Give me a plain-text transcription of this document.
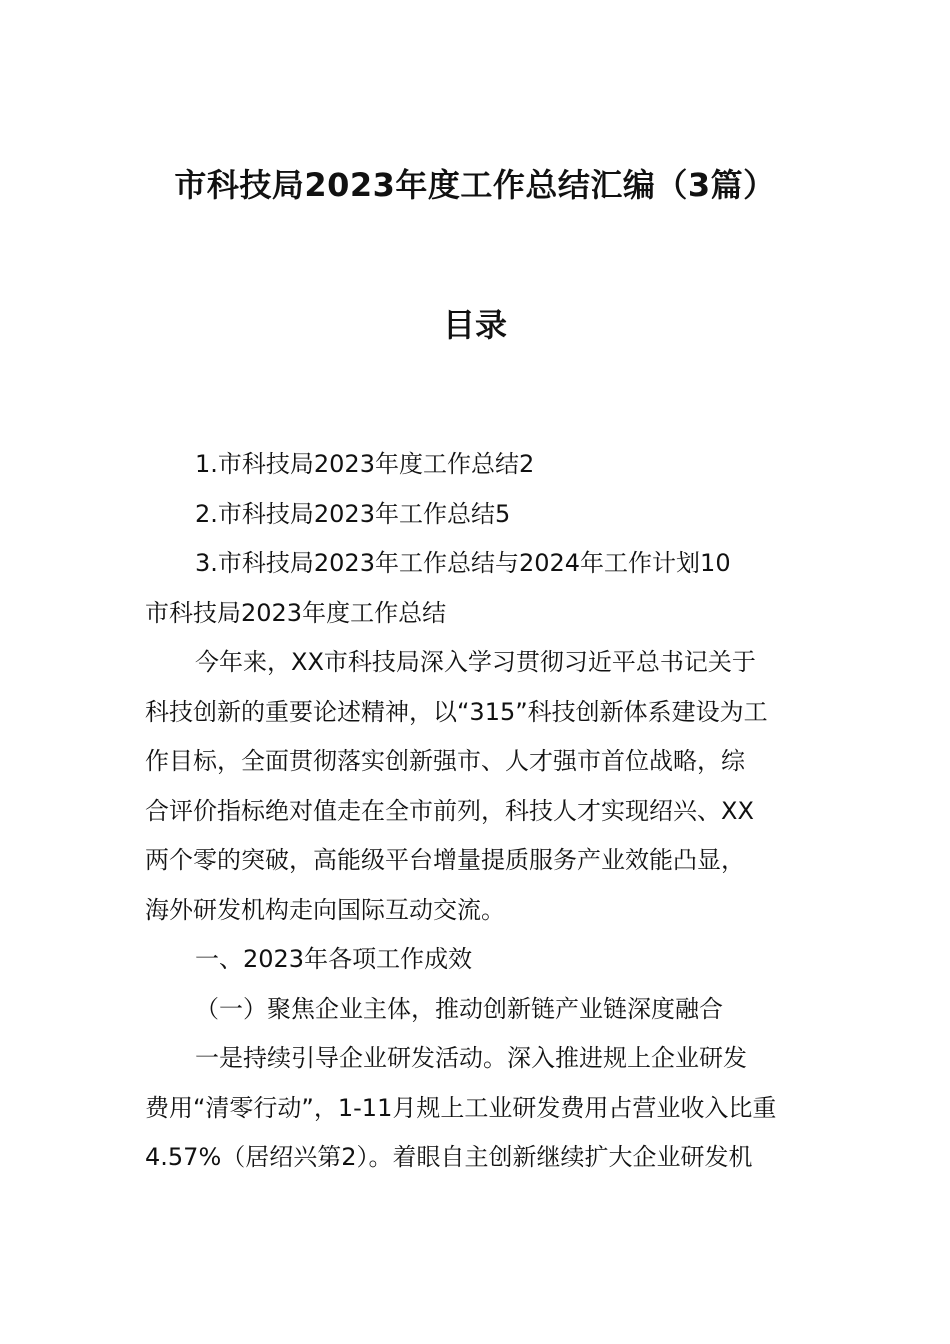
市科技局2023年度工作总结汇编（3篇）
目录
1.市科技局2023年度工作总结2
2.市科技局2023年工作总结5
3.市科技局2023年工作总结与2024年工作计划10
市科技局2023年度工作总结
今年来，XX市科技局深入学习贯彻习近平总书记关于
科技创新的重要论述精神，以“315”科技创新体系建设为工
作目标，全面贯彻落实创新强市、人才强市首位战略，综
合评价指标绝对值走在全市前列，科技人才实现绍兴、XX
两个零的突破，高能级平台增量提质服务产业效能凸显，
海外研发机构走向国际互动交流。
一、2023年各项工作成效
（一）聚焦企业主体，推动创新链产业链深度融合
一是持续引导企业研发活动。深入推进规上企业研发
费用“清零行动”，1-11月规上工业研发费用占营业收入比重
4.57%（居绍兴第2）。着眼自主创新继续扩大企业研发机
